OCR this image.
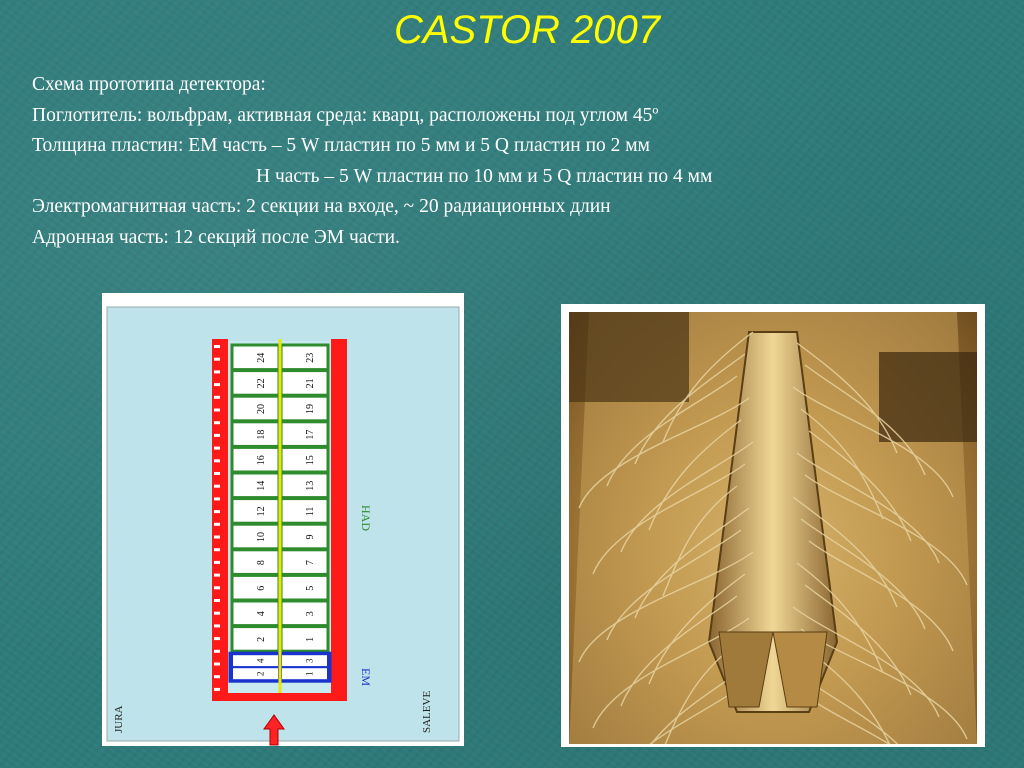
CASTOR 2007
Схема прототипа детектора:
Поглотитель: вольфрам, активная среда: кварц, расположены под углом 45º
Толщина пластин: ЕМ часть – 5 W пластин по 5 мм и 5 Q пластин по 2 мм
H часть – 5 W пластин по 10 мм и 5 Q пластин по 4 мм
Электромагнитная часть: 2 секции на входе, ~ 20 радиационных длин
Адронная часть: 12 секций после ЭМ части.
24	23
22	21
20	19
18	17
16	15
14	13
12	11
10	9
8	7
6	5
4	3
2	1
4	3
2	1
HAD
EM
JURA	SALEVE
